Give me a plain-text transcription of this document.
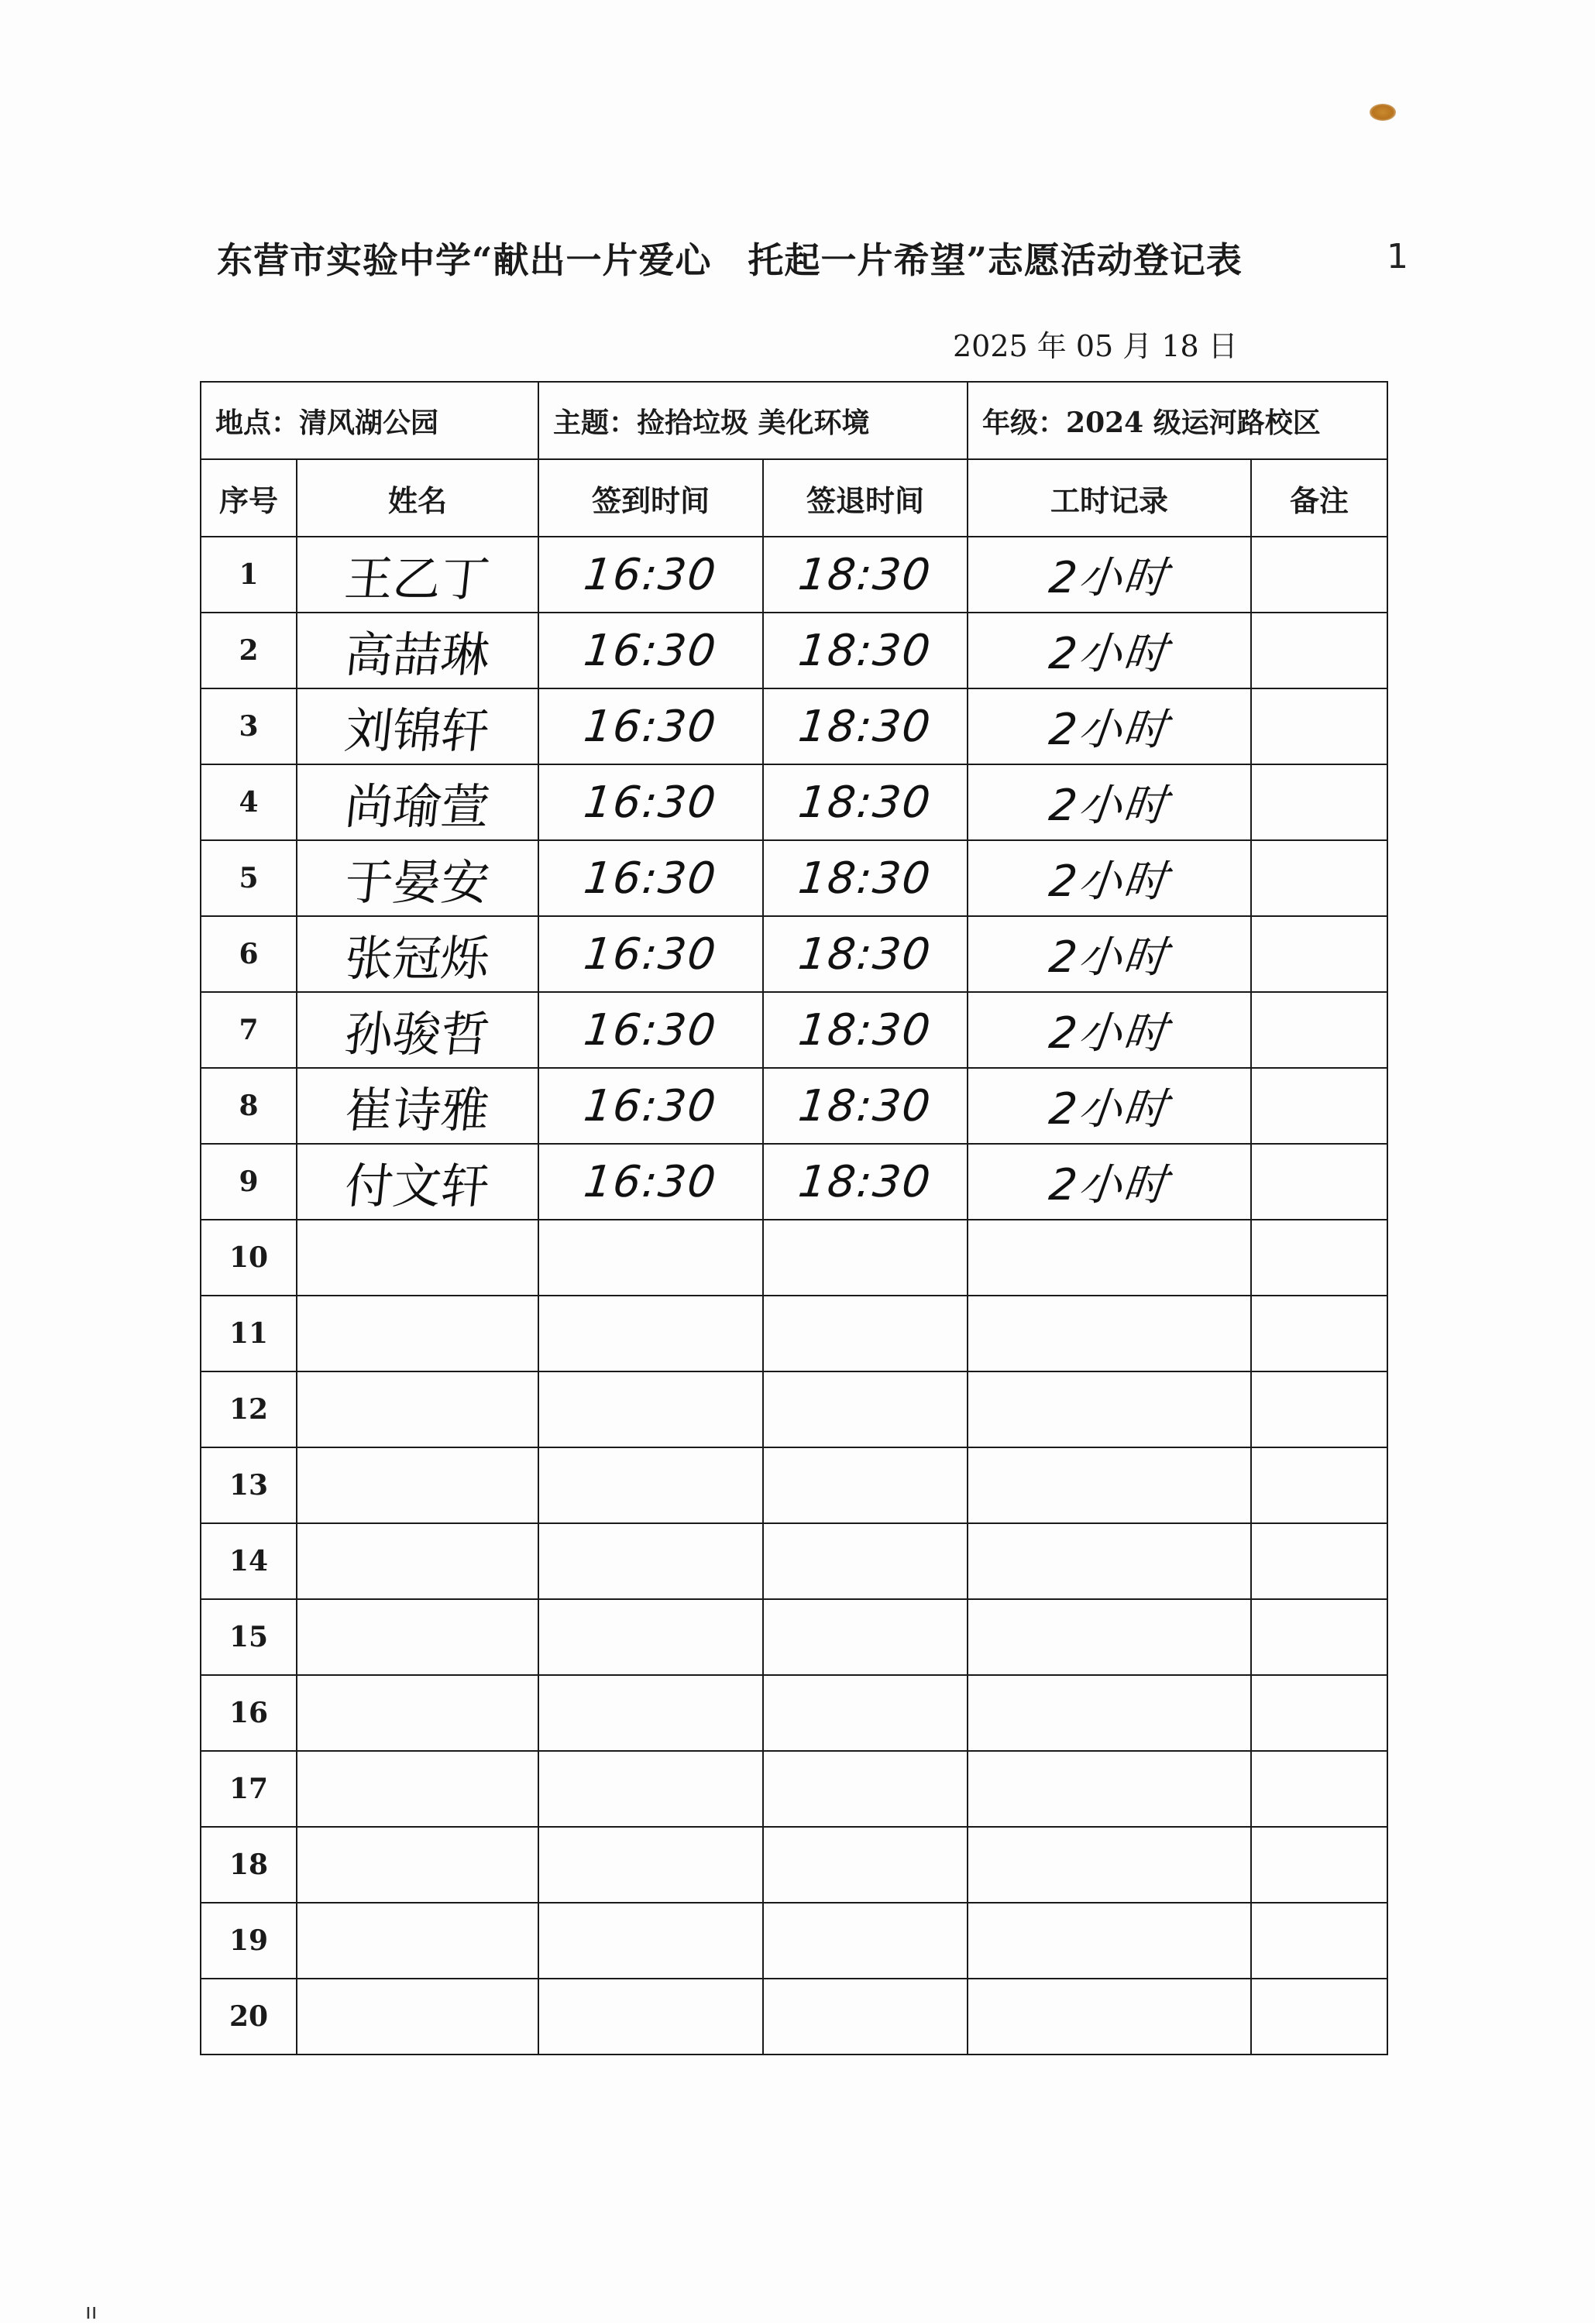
东营市实验中学“献出一片爱心　托起一片希望”志愿活动登记表	1
2025 年 05 月 18 日
地点：清风湖公园		主题：捡拾垃圾 美化环境		年级：2024 级运河路校区	
序号	姓名	签到时间	签退时间	工时记录	备注
1	王乙丁	16:30	18:30	2小时	
2	高喆琳	16:30	18:30	2小时	
3	刘锦轩	16:30	18:30	2小时	
4	尚瑜萱	16:30	18:30	2小时	
5	于晏安	16:30	18:30	2小时	
6	张冠烁	16:30	18:30	2小时	
7	孙骏哲	16:30	18:30	2小时	
8	崔诗雅	16:30	18:30	2小时	
9	付文轩	16:30	18:30	2小时	
10					
11					
12					
13					
14					
15					
16					
17					
18					
19					
20					
ıı
